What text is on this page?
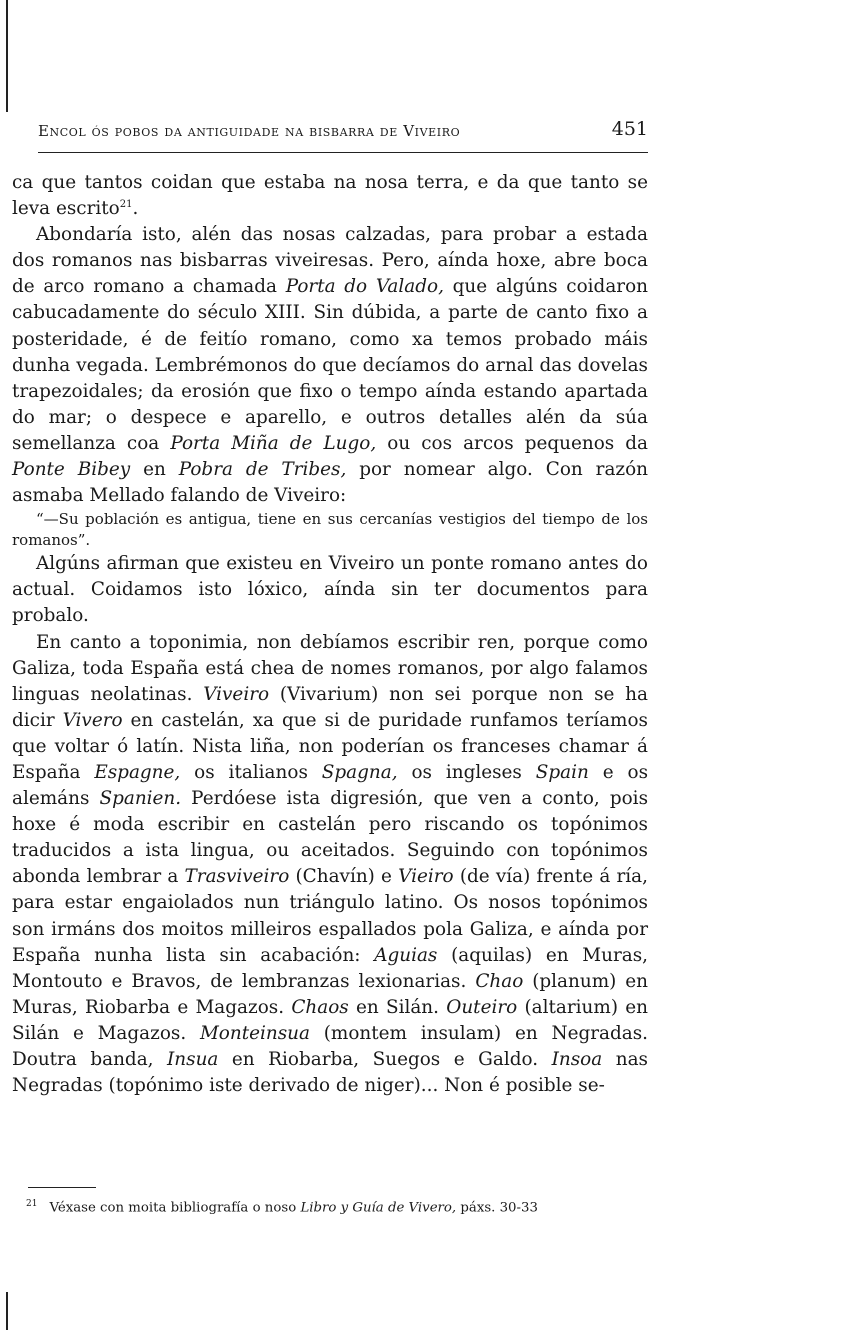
Encol ós pobos da antiguidade na bisbarra de Viveiro	451

ca que tantos coidan que estaba na nosa terra, e da que tanto se leva escrito$^{21}$.

Abondaría isto, alén das nosas calzadas, para probar a estada dos romanos nas bisbarras viveiresas. Pero, aínda hoxe, abre boca de arco romano a chamada Porta do Valado, que algúns coidaron cabucadamente do século XIII. Sin dúbida, a parte de canto fixo a posteridade, é de feitío romano, como xa temos probado máis dunha vegada. Lembrémonos do que decíamos do arnal das dovelas trapezoidales; da erosión que fixo o tempo aínda estando apartada do mar; o despece e aparello, e outros detalles alén da súa semellanza coa Porta Miña de Lugo, ou cos arcos pequenos da Ponte Bibey en Pobra de Tribes, por nomear algo. Con razón asmaba Mellado falando de Viveiro:

“—Su población es antigua, tiene en sus cercanías vestigios del tiempo de los romanos”.

Algúns afirman que existeu en Viveiro un ponte romano antes do actual. Coidamos isto lóxico, aínda sin ter documentos para probalo.

En canto a toponimia, non debíamos escribir ren, porque como Galiza, toda España está chea de nomes romanos, por algo falamos linguas neolatinas. Viveiro (Vivarium) non sei porque non se ha dicir Vivero en castelán, xa que si de puridade runfamos teríamos que voltar ó latín. Nista liña, non poderían os franceses chamar á España Espagne, os italianos Spagna, os ingleses Spain e os alemáns Spanien. Perdóese ista digresión, que ven a conto, pois hoxe é moda escribir en castelán pero riscando os topónimos traducidos a ista lingua, ou aceitados. Seguindo con topónimos abonda lembrar a Trasviveiro (Chavín) e Vieiro (de vía) frente á ría, para estar engaiolados nun triángulo latino. Os nosos topónimos son irmáns dos moitos milleiros espallados pola Galiza, e aínda por España nunha lista sin acabación: Aguias (aquilas) en Muras, Montouto e Bravos, de lembranzas lexionarias. Chao (planum) en Muras, Riobarba e Magazos. Chaos en Silán. Outeiro (altarium) en Silán e Magazos. Monteinsua (montem insulam) en Negradas. Doutra banda, Insua en Riobarba, Suegos e Galdo. Insoa nas Negradas (topónimo iste derivado de niger)... Non é posible se-

$^{21}$ Véxase con moita bibliografía o noso Libro y Guía de Vivero, páxs. 30-33
